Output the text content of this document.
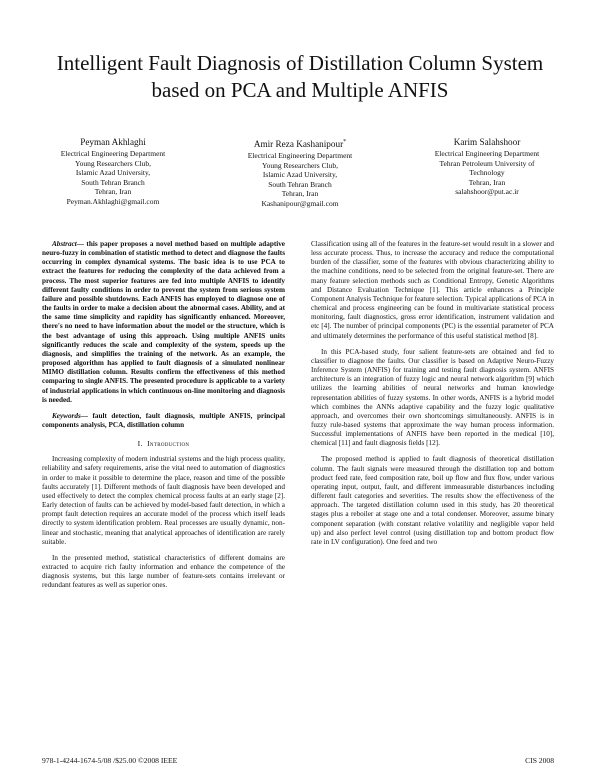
Intelligent Fault Diagnosis of Distillation Column System based on PCA and Multiple ANFIS
Peyman Akhlaghi
Electrical Engineering Department
Young Researchers Club,
Islamic Azad University,
South Tehran Branch
Tehran, Iran
Peyman.Akhlaghi@gmail.com
Amir Reza Kashanipour*
Electrical Engineering Department
Young Researchers Club,
Islamic Azad University,
South Tehran Branch
Tehran, Iran
Kashanipour@gmail.com
Karim Salahshoor
Electrical Engineering Department
Tehran Petroleum University of
Technology
Tehran, Iran
salahshoor@put.ac.ir

Abstract— this paper proposes a novel method based on multiple adaptive neuro-fuzzy in combination of statistic method to detect and diagnose the faults occurring in complex dynamical systems. The basic idea is to use PCA to extract the features for reducing the complexity of the data achieved from a process. The most superior features are fed into multiple ANFIS to identify different faulty conditions in order to prevent the system from serious system failure and possible shutdowns. Each ANFIS has employed to diagnose one of the faults in order to make a decision about the abnormal cases. Ability, and at the same time simplicity and rapidity has significantly enhanced. Moreover, there's no need to have information about the model or the structure, which is the best advantage of using this approach. Using multiple ANFIS units significantly reduces the scale and complexity of the system, speeds up the diagnosis, and simplifies the training of the network. As an example, the proposed algorithm has applied to fault diagnosis of a simulated nonlinear MIMO distillation column. Results confirm the effectiveness of this method comparing to single ANFIS. The presented procedure is applicable to a variety of industrial applications in which continuous on-line monitoring and diagnosis is needed.

Keywords— fault detection, fault diagnosis, multiple ANFIS, principal components analysis, PCA, distillation column

I. Introduction

Increasing complexity of modern industrial systems and the high process quality, reliability and safety requirements, arise the vital need to automation of diagnostics in order to make it possible to determine the place, reason and time of the possible faults accurately [1]. Different methods of fault diagnosis have been developed and used effectively to detect the complex chemical process faults at an early stage [2]. Early detection of faults can be achieved by model-based fault detection, in which a prompt fault detection requires an accurate model of the process which itself leads directly to system identification problem. Real processes are usually dynamic, non-linear and stochastic, meaning that analytical approaches of identification are rarely suitable.

In the presented method, statistical characteristics of different domains are extracted to acquire rich faulty information and enhance the competence of the diagnosis systems, but this large number of feature-sets contains irrelevant or redundant features as well as superior ones.

Classification using all of the features in the feature-set would result in a slower and less accurate process. Thus, to increase the accuracy and reduce the computational burden of the classifier, some of the features with obvious characterizing ability to the machine conditions, need to be selected from the original feature-set. There are many feature selection methods such as Conditional Entropy, Genetic Algorithms and Distance Evaluation Technique [1]. This article enhances a Principle Component Analysis Technique for feature selection. Typical applications of PCA in chemical and process engineering can be found in multivariate statistical process monitoring, fault diagnostics, gross error identification, instrument validation and etc [4]. The number of principal components (PC) is the essential parameter of PCA and ultimately determines the performance of this useful statistical method [8].

In this PCA-based study, four salient feature-sets are obtained and fed to classifier to diagnose the faults. Our classifier is based on Adaptive Neuro-Fuzzy Inference System (ANFIS) for training and testing fault diagnosis system. ANFIS architecture is an integration of fuzzy logic and neural network algorithm [9] which utilizes the learning abilities of neural networks and human knowledge representation abilities of fuzzy systems. In other words, ANFIS is a hybrid model which combines the ANNs adaptive capability and the fuzzy logic qualitative approach, and overcomes their own shortcomings simultaneously. ANFIS is in fuzzy rule-based systems that approximate the way human process information. Successful implementations of ANFIS have been reported in the medical [10], chemical [11] and fault diagnosis fields [12].

The proposed method is applied to fault diagnosis of theoretical distillation column. The fault signals were measured through the distillation top and bottom product feed rate, feed composition rate, boil up flow and flux flow, under various operating input, output, fault, and different immeasurable disturbances including different fault categories and severities. The results show the effectiveness of the approach. The targeted distillation column used in this study, has 20 theoretical stages plus a reboiler at stage one and a total condenser. Moreover, assume binary component separation (with constant relative volatility and negligible vapor held up) and also perfect level control (using distillation top and bottom product flow rate in LV configuration). One feed and two

978-1-4244-1674-5/08 /$25.00 ©2008 IEEE	CIS 2008
